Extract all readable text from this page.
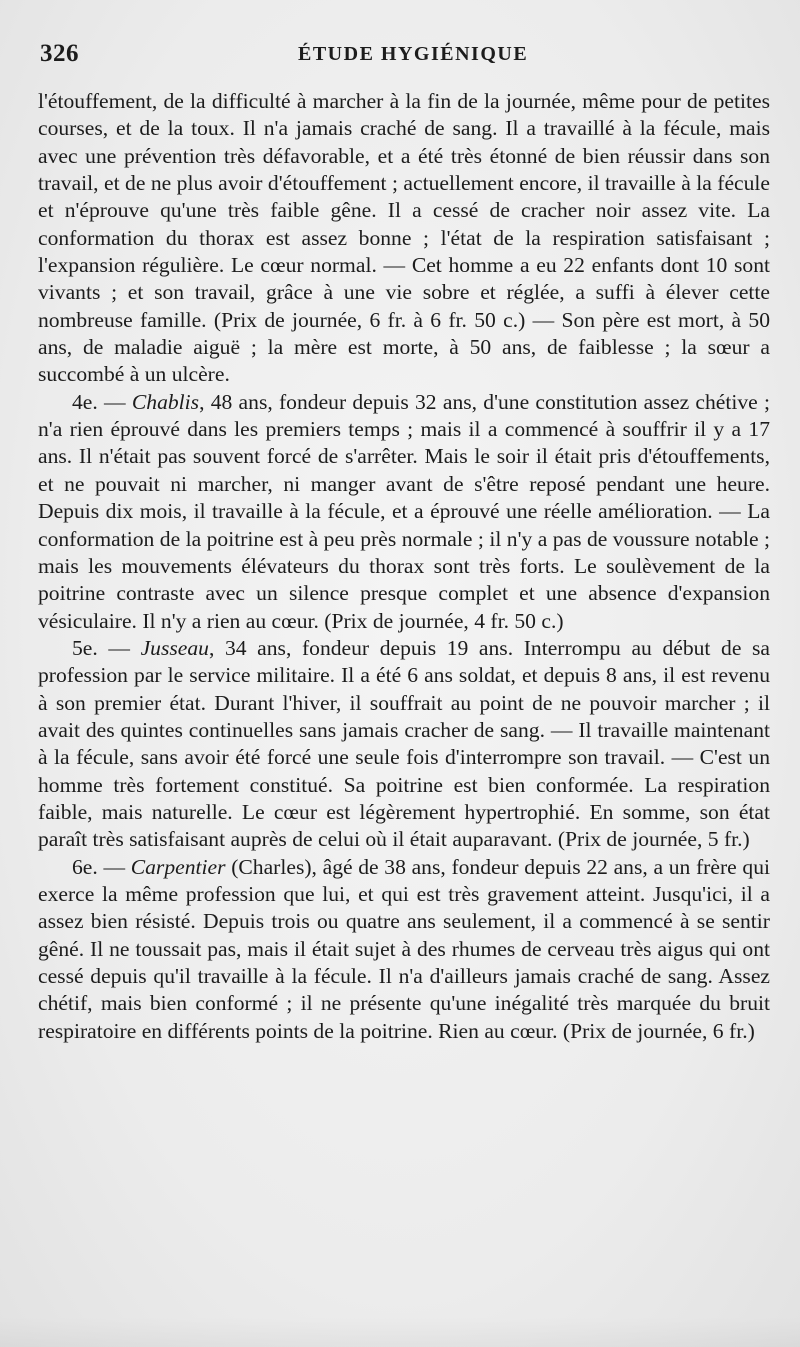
326	ÉTUDE HYGIÉNIQUE

l'étouffement, de la difficulté à marcher à la fin de la journée, même pour de petites courses, et de la toux. Il n'a jamais craché de sang. Il a travaillé à la fécule, mais avec une prévention très défavorable, et a été très étonné de bien réussir dans son travail, et de ne plus avoir d'étouffement ; actuellement encore, il travaille à la fécule et n'éprouve qu'une très faible gêne. Il a cessé de cracher noir assez vite. La conformation du thorax est assez bonne ; l'état de la respiration satisfaisant ; l'expansion régulière. Le cœur normal. — Cet homme a eu 22 enfants dont 10 sont vivants ; et son travail, grâce à une vie sobre et réglée, a suffi à élever cette nombreuse famille. (Prix de journée, 6 fr. à 6 fr. 50 c.) — Son père est mort, à 50 ans, de maladie aiguë ; la mère est morte, à 50 ans, de faiblesse ; la sœur a succombé à un ulcère.

4e. — Chablis, 48 ans, fondeur depuis 32 ans, d'une constitution assez chétive ; n'a rien éprouvé dans les premiers temps ; mais il a commencé à souffrir il y a 17 ans. Il n'était pas souvent forcé de s'arrêter. Mais le soir il était pris d'étouffements, et ne pouvait ni marcher, ni manger avant de s'être reposé pendant une heure. Depuis dix mois, il travaille à la fécule, et a éprouvé une réelle amélioration. — La conformation de la poitrine est à peu près normale ; il n'y a pas de voussure notable ; mais les mouvements élévateurs du thorax sont très forts. Le soulèvement de la poitrine contraste avec un silence presque complet et une absence d'expansion vésiculaire. Il n'y a rien au cœur. (Prix de journée, 4 fr. 50 c.)

5e. — Jusseau, 34 ans, fondeur depuis 19 ans. Interrompu au début de sa profession par le service militaire. Il a été 6 ans soldat, et depuis 8 ans, il est revenu à son premier état. Durant l'hiver, il souffrait au point de ne pouvoir marcher ; il avait des quintes continuelles sans jamais cracher de sang. — Il travaille maintenant à la fécule, sans avoir été forcé une seule fois d'interrompre son travail. — C'est un homme très fortement constitué. Sa poitrine est bien conformée. La respiration faible, mais naturelle. Le cœur est légèrement hypertrophié. En somme, son état paraît très satisfaisant auprès de celui où il était auparavant. (Prix de journée, 5 fr.)

6e. — Carpentier (Charles), âgé de 38 ans, fondeur depuis 22 ans, a un frère qui exerce la même profession que lui, et qui est très gravement atteint. Jusqu'ici, il a assez bien résisté. Depuis trois ou quatre ans seulement, il a commencé à se sentir gêné. Il ne toussait pas, mais il était sujet à des rhumes de cerveau très aigus qui ont cessé depuis qu'il travaille à la fécule. Il n'a d'ailleurs jamais craché de sang. Assez chétif, mais bien conformé ; il ne présente qu'une inégalité très marquée du bruit respiratoire en différents points de la poitrine. Rien au cœur. (Prix de journée, 6 fr.)
